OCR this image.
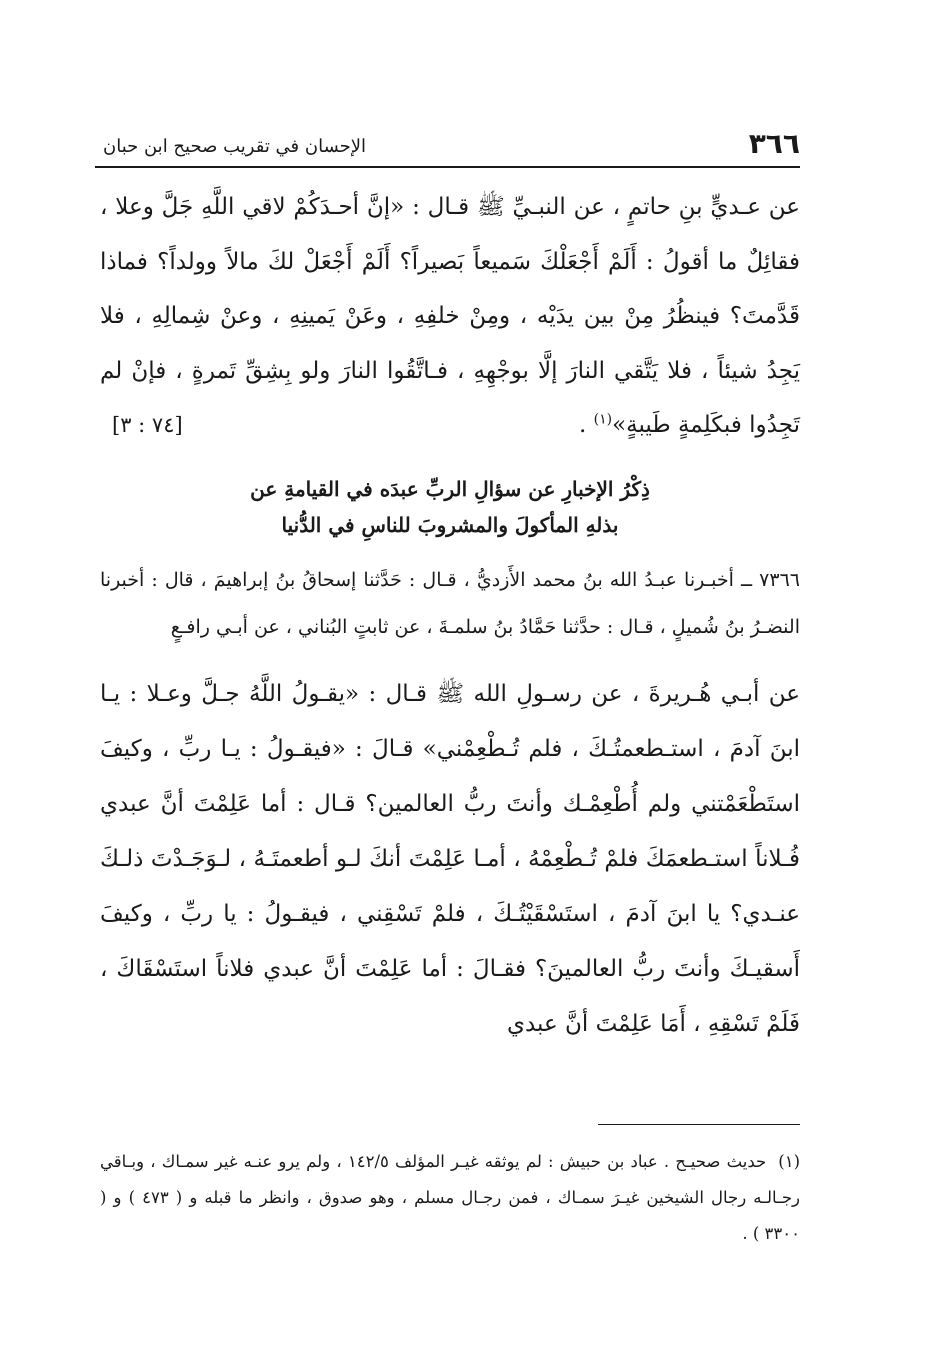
٣٦٦
الإحسان في تقريب صحيح ابن حبان

عن عـديٍّ بنِ حاتمٍ ، عن النبـيِّ ﷺ قـال : «إنَّ أحـدَكُمْ لاقي اللَّهِ جَلَّ وعلا ، فقائِلٌ ما أقولُ : أَلَمْ أَجْعَلْكَ سَميعاً بَصيراً؟ أَلَمْ أَجْعَلْ لكَ مالاً وولداً؟ فماذا قَدَّمتَ؟ فينظُرُ مِنْ بين يدَيْه ، ومِنْ خلفِهِ ، وعَنْ يَمينِهِ ، وعنْ شِمالِهِ ، فلا يَجِدُ شيئاً ، فلا يَتَّقي النارَ إلَّا بوجْهِهِ ، فـاتَّقُوا النارَ ولو بِشِقِّ تَمرةٍ ، فإنْ لم تَجِدُوا فبكَلِمةٍ طَيبةٍ»$^{(١)}$ .
[٧٤ : ٣]

ذِكْرُ الإخبارِ عن سؤالِ الربِّ عبدَه في القيامةِ عن
بذلهِ المأكولَ والمشروبَ للناسِ في الدُّنيا

٧٣٦٦ ــ أخبـرنا عبـدُ الله بنُ محمد الأَزديُّ ، قـال : حَدَّثنا إسحاقُ بنُ إبراهيمَ ، قال : أخبرنا النضـرُ بنُ شُميلٍ ، قـال : حدَّثنا حَمَّادُ بنُ سلمـةَ ، عن ثابتٍ البُناني ، عن أبـي رافـعٍ

عن أبـي هُـريرةَ ، عن رسـولِ الله ﷺ قـال : «يقـولُ اللَّهُ جـلَّ وعـلا : يـا ابنَ آدمَ ، استـطعمتُـكَ ، فلم تُـطْعِمْني» قـالَ : «فيقـولُ : يـا ربِّ ، وكيفَ استَطْعَمْتني ولم أُطْعِمْـك وأنتَ ربُّ العالمين؟ قـال : أما عَلِمْتَ أنَّ عبدي فُـلاناً استـطعمَكَ فلمْ تُـطْعِمْهُ ، أمـا عَلِمْتَ أنكَ لـو أطعمتَـهُ ، لـوَجَـدْتَ ذلـكَ عنـدي؟ يا ابنَ آدمَ ، استَسْقَيْتُـكَ ، فلمْ تَسْقِني ، فيقـولُ : يا ربِّ ، وكيفَ أَسقيـكَ وأنتَ ربُّ العالمينَ؟ فقـالَ : أما عَلِمْتَ أنَّ عبدي فلاناً استَسْقَاكَ ، فَلَمْ تَسْقِهِ ، أَمَا عَلِمْتَ أنَّ عبدي

(١)حديث صحيـح . عباد بن حبيش : لم يوثقه غيـر المؤلف ١٤٢/٥ ، ولم يرو عنـه غير سمـاك ، وبـاقي رجـالـه رجال الشيخين غيـرَ سمـاك ، فمن رجـال مسلم ، وهو صدوق ، وانظر ما قبله و ( ٤٧٣ ) و ( ٣٣٠٠ ) .
